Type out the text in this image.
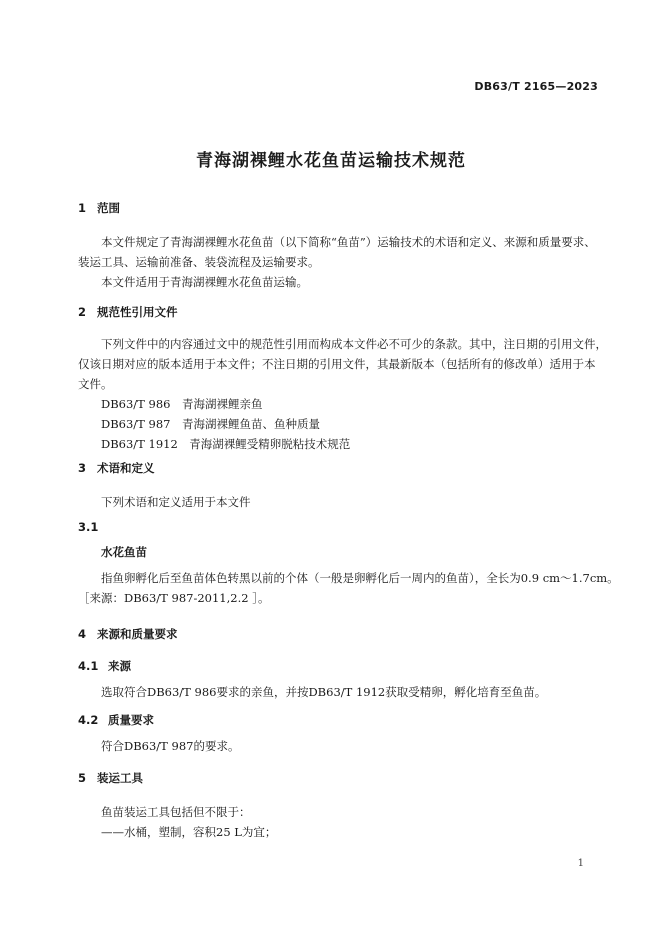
DB63/T 2165—2023
青海湖裸鲤水花鱼苗运输技术规范
1 范围
本文件规定了青海湖裸鲤水花鱼苗（以下简称“鱼苗”）运输技术的术语和定义、来源和质量要求、
装运工具、运输前准备、装袋流程及运输要求。
本文件适用于青海湖裸鲤水花鱼苗运输。
2 规范性引用文件
下列文件中的内容通过文中的规范性引用而构成本文件必不可少的条款。其中，注日期的引用文件，
仅该日期对应的版本适用于本文件；不注日期的引用文件，其最新版本（包括所有的修改单）适用于本
文件。
DB63/T 986　青海湖裸鲤亲鱼
DB63/T 987　青海湖裸鲤鱼苗、鱼种质量
DB63/T 1912　青海湖裸鲤受精卵脱粘技术规范
3 术语和定义
下列术语和定义适用于本文件
3.1
水花鱼苗
指鱼卵孵化后至鱼苗体色转黑以前的个体（一般是卵孵化后一周内的鱼苗），全长为0.9 cm～1.7cm。
［来源：DB63/T 987-2011,2.2 ］。
4 来源和质量要求
4.1 来源
选取符合DB63/T 986要求的亲鱼，并按DB63/T 1912获取受精卵，孵化培育至鱼苗。
4.2 质量要求
符合DB63/T 987的要求。
5 装运工具
鱼苗装运工具包括但不限于：
——水桶，塑制，容积25 L为宜；
1
